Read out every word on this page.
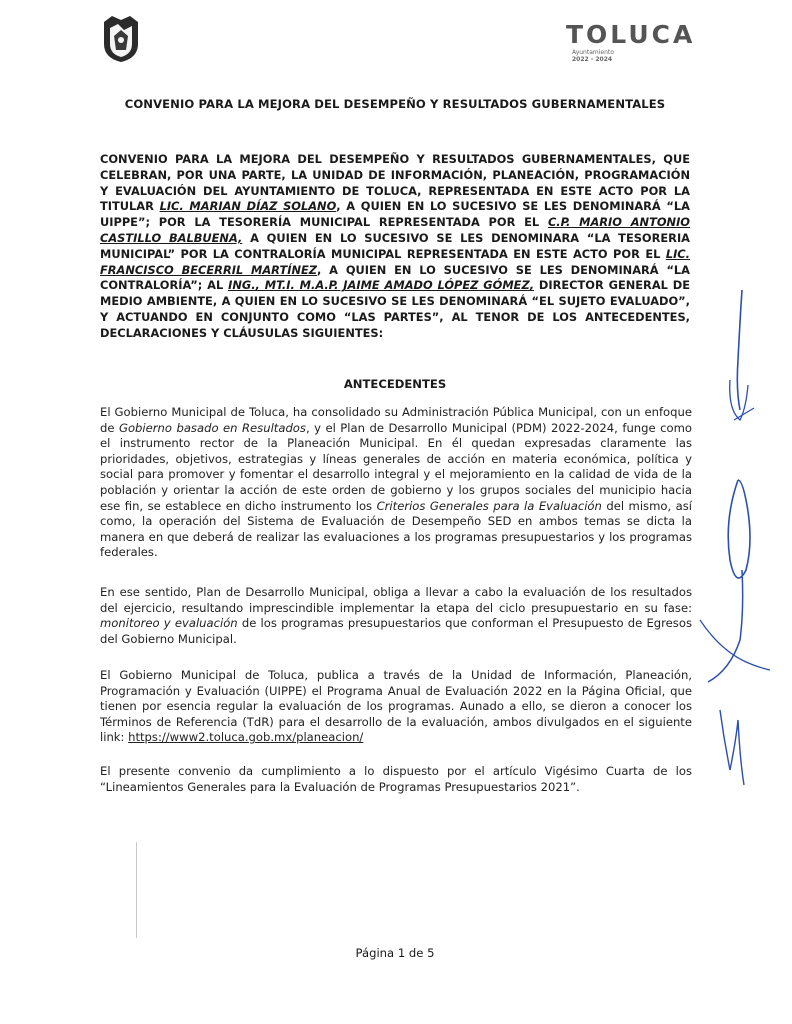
TOLUCA
Ayuntamiento
2022 - 2024
CONVENIO PARA LA MEJORA DEL DESEMPEÑO Y RESULTADOS GUBERNAMENTALES
CONVENIO PARA LA MEJORA DEL DESEMPEÑO Y RESULTADOS GUBERNAMENTALES, QUE CELEBRAN, POR UNA PARTE, LA UNIDAD DE INFORMACIÓN, PLANEACIÓN, PROGRAMACIÓN Y EVALUACIÓN DEL AYUNTAMIENTO DE TOLUCA, REPRESENTADA EN ESTE ACTO POR LA TITULAR LIC. MARIAN DÍAZ SOLANO, A QUIEN EN LO SUCESIVO SE LES DENOMINARÁ “LA UIPPE”; POR LA TESORERÍA MUNICIPAL REPRESENTADA POR EL C.P. MARIO ANTONIO CASTILLO BALBUENA, A QUIEN EN LO SUCESIVO SE LES DENOMINARA “LA TESORERIA MUNICIPAL” POR LA CONTRALORÍA MUNICIPAL REPRESENTADA EN ESTE ACTO POR EL LIC. FRANCISCO BECERRIL MARTÍNEZ, A QUIEN EN LO SUCESIVO SE LES DENOMINARÁ “LA CONTRALORÍA”; AL ING., MT.I. M.A.P. JAIME AMADO LÓPEZ GÓMEZ, DIRECTOR GENERAL DE MEDIO AMBIENTE, A QUIEN EN LO SUCESIVO SE LES DENOMINARÁ “EL SUJETO EVALUADO”, Y ACTUANDO EN CONJUNTO COMO “LAS PARTES”, AL TENOR DE LOS ANTECEDENTES, DECLARACIONES Y CLÁUSULAS SIGUIENTES:
ANTECEDENTES
El Gobierno Municipal de Toluca, ha consolidado su Administración Pública Municipal, con un enfoque de Gobierno basado en Resultados, y el Plan de Desarrollo Municipal (PDM) 2022-2024, funge como el instrumento rector de la Planeación Municipal. En él quedan expresadas claramente las prioridades, objetivos, estrategias y líneas generales de acción en materia económica, política y social para promover y fomentar el desarrollo integral y el mejoramiento en la calidad de vida de la población y orientar la acción de este orden de gobierno y los grupos sociales del municipio hacia ese fin, se establece en dicho instrumento los Criterios Generales para la Evaluación del mismo, así como, la operación del Sistema de Evaluación de Desempeño SED en ambos temas se dicta la manera en que deberá de realizar las evaluaciones a los programas presupuestarios y los programas federales.
En ese sentido, Plan de Desarrollo Municipal, obliga a llevar a cabo la evaluación de los resultados del ejercicio, resultando imprescindible implementar la etapa del ciclo presupuestario en su fase: monitoreo y evaluación de los programas presupuestarios que conforman el Presupuesto de Egresos del Gobierno Municipal.
El Gobierno Municipal de Toluca, publica a través de la Unidad de Información, Planeación, Programación y Evaluación (UIPPE) el Programa Anual de Evaluación 2022 en la Página Oficial, que tienen por esencia regular la evaluación de los programas. Aunado a ello, se dieron a conocer los Términos de Referencia (TdR) para el desarrollo de la evaluación, ambos divulgados en el siguiente link: https://www2.toluca.gob.mx/planeacion/
El presente convenio da cumplimiento a lo dispuesto por el artículo Vigésimo Cuarta de los “Lineamientos Generales para la Evaluación de Programas Presupuestarios 2021”.
Página 1 de 5
